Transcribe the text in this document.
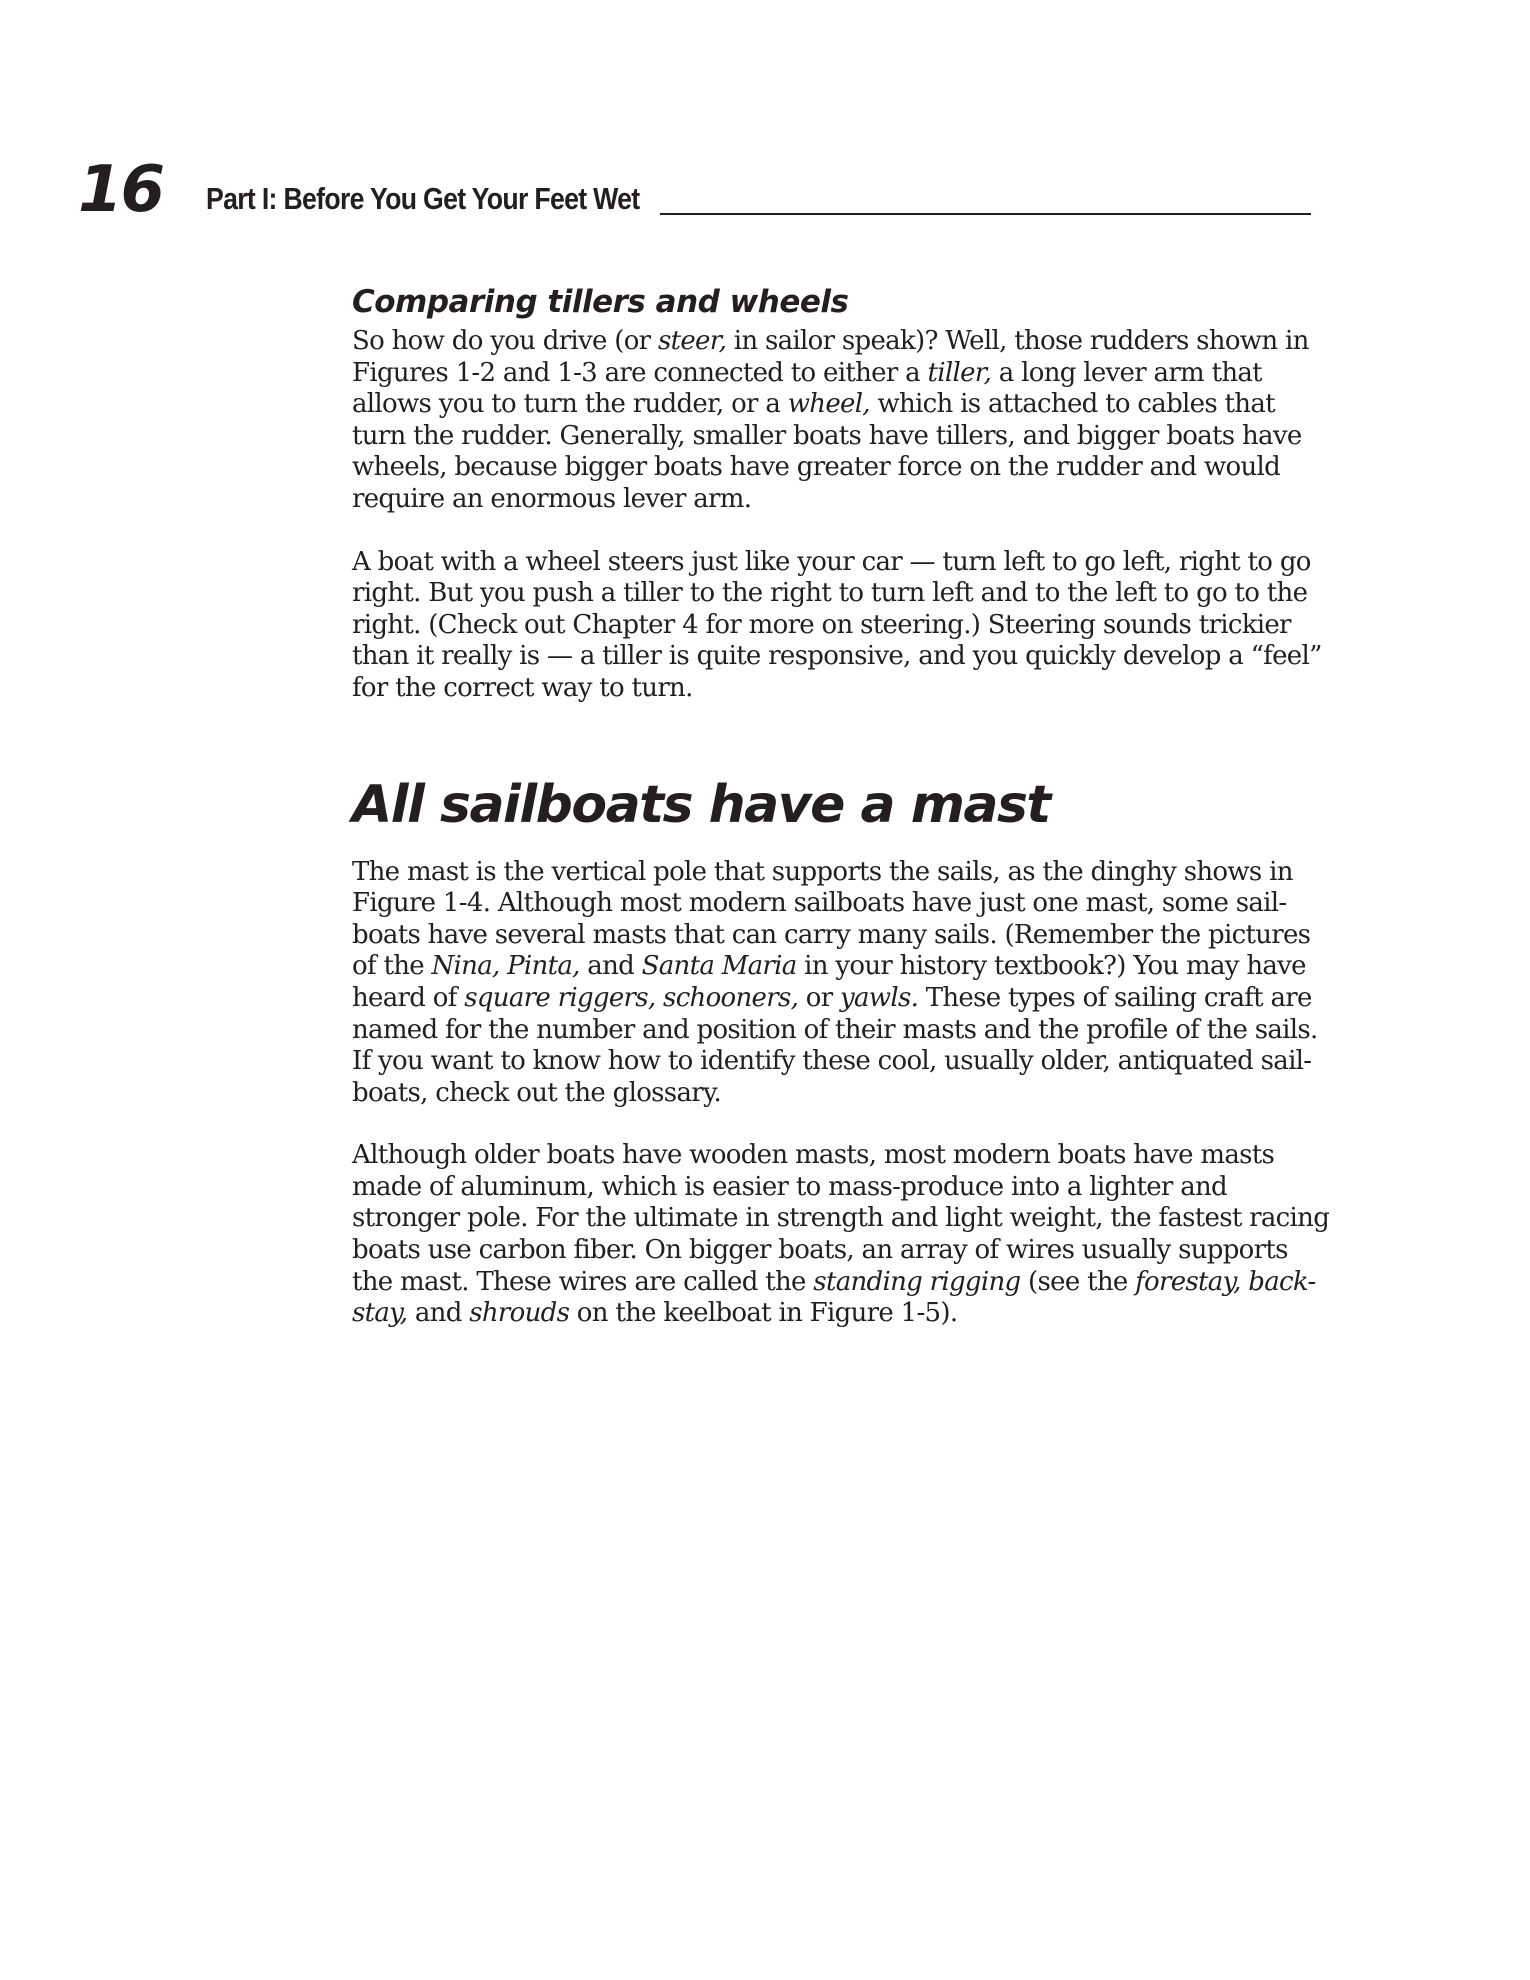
16 Part I: Before You Get Your Feet Wet
Comparing tillers and wheels

So how do you drive (or steer, in sailor speak)? Well, those rudders shown in Figures 1-2 and 1-3 are connected to either a tiller, a long lever arm that allows you to turn the rudder, or a wheel, which is attached to cables that turn the rudder. Generally, smaller boats have tillers, and bigger boats have wheels, because bigger boats have greater force on the rudder and would require an enormous lever arm.

A boat with a wheel steers just like your car — turn left to go left, right to go right. But you push a tiller to the right to turn left and to the left to go to the right. (Check out Chapter 4 for more on steering.) Steering sounds trickier than it really is — a tiller is quite responsive, and you quickly develop a “feel” for the correct way to turn.

All sailboats have a mast

The mast is the vertical pole that supports the sails, as the dinghy shows in Figure 1-4. Although most modern sailboats have just one mast, some sail-boats have several masts that can carry many sails. (Remember the pictures of the Nina, Pinta, and Santa Maria in your history textbook?) You may have heard of square riggers, schooners, or yawls. These types of sailing craft are named for the number and position of their masts and the profile of the sails. If you want to know how to identify these cool, usually older, antiquated sail-boats, check out the glossary.

Although older boats have wooden masts, most modern boats have masts made of aluminum, which is easier to mass-produce into a lighter and stronger pole. For the ultimate in strength and light weight, the fastest racing boats use carbon fiber. On bigger boats, an array of wires usually supports the mast. These wires are called the standing rigging (see the forestay, back-stay, and shrouds on the keelboat in Figure 1-5).
